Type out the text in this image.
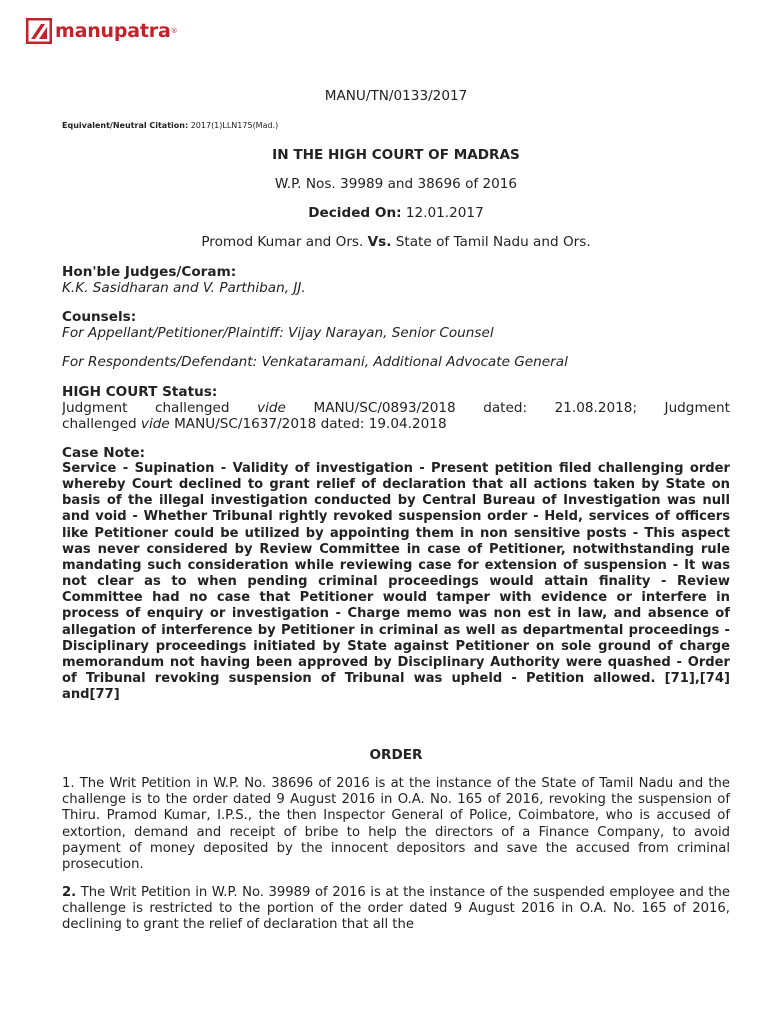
manupatra ®
MANU/TN/0133/2017
Equivalent/Neutral Citation: 2017(1)LLN175(Mad.)
IN THE HIGH COURT OF MADRAS
W.P. Nos. 39989 and 38696 of 2016
Decided On: 12.01.2017
Promod Kumar and Ors. Vs. State of Tamil Nadu and Ors.
Hon'ble Judges/Coram:
K.K. Sasidharan and V. Parthiban, JJ.
Counsels:
For Appellant/Petitioner/Plaintiff: Vijay Narayan, Senior Counsel
For Respondents/Defendant: Venkataramani, Additional Advocate General
HIGH COURT Status:
Judgment challenged vide MANU/SC/0893/2018 dated: 21.08.2018; Judgment
challenged vide MANU/SC/1637/2018 dated: 19.04.2018
Case Note:
Service - Supination - Validity of investigation - Present petition filed challenging order whereby Court declined to grant relief of declaration that all actions taken by State on basis of the illegal investigation conducted by Central Bureau of Investigation was null and void - Whether Tribunal rightly revoked suspension order - Held, services of officers like Petitioner could be utilized by appointing them in non sensitive posts - This aspect was never considered by Review Committee in case of Petitioner, notwithstanding rule mandating such consideration while reviewing case for extension of suspension - It was not clear as to when pending criminal proceedings would attain finality - Review Committee had no case that Petitioner would tamper with evidence or interfere in process of enquiry or investigation - Charge memo was non est in law, and absence of allegation of interference by Petitioner in criminal as well as departmental proceedings - Disciplinary proceedings initiated by State against Petitioner on sole ground of charge memorandum not having been approved by Disciplinary Authority were quashed - Order of Tribunal revoking suspension of Tribunal was upheld - Petition allowed. [71],[74] and[77]
ORDER
1. The Writ Petition in W.P. No. 38696 of 2016 is at the instance of the State of Tamil Nadu and the challenge is to the order dated 9 August 2016 in O.A. No. 165 of 2016, revoking the suspension of Thiru. Pramod Kumar, I.P.S., the then Inspector General of Police, Coimbatore, who is accused of extortion, demand and receipt of bribe to help the directors of a Finance Company, to avoid payment of money deposited by the innocent depositors and save the accused from criminal prosecution.
2. The Writ Petition in W.P. No. 39989 of 2016 is at the instance of the suspended employee and the challenge is restricted to the portion of the order dated 9 August 2016 in O.A. No. 165 of 2016, declining to grant the relief of declaration that all the
